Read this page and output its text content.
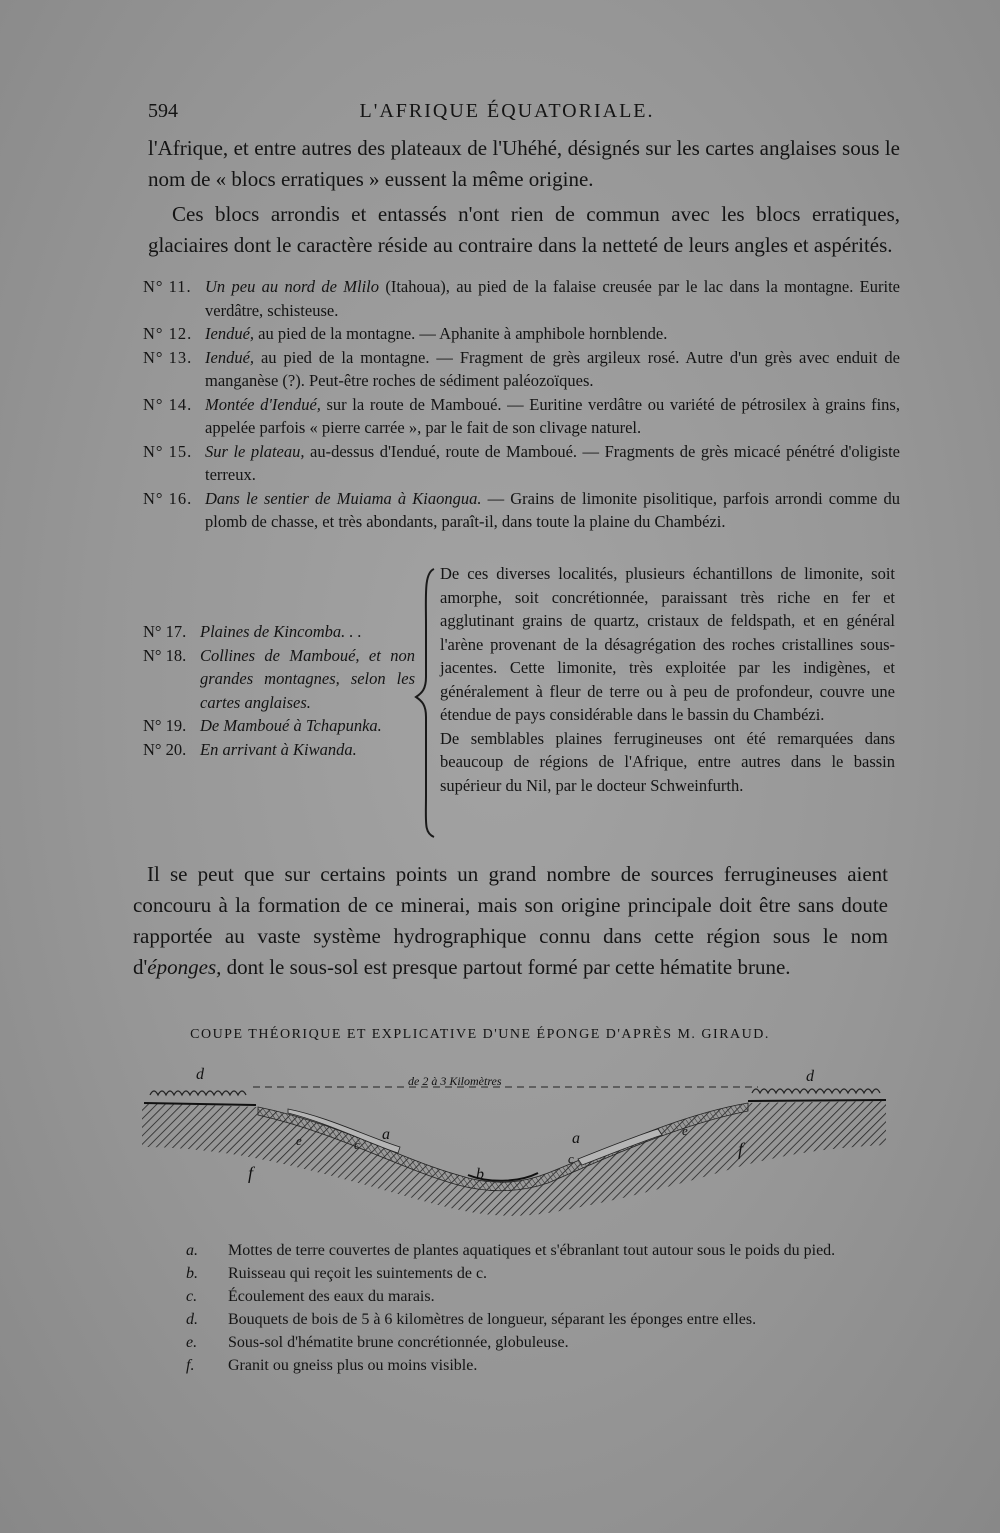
594	L'AFRIQUE ÉQUATORIALE.
l'Afrique, et entre autres des plateaux de l'Uhéhé, désignés sur les cartes anglaises sous le nom de « blocs erratiques » eussent la même origine.
Ces blocs arrondis et entassés n'ont rien de commun avec les blocs erratiques, glaciaires dont le caractère réside au contraire dans la netteté de leurs angles et aspérités.

N° 11. Un peu au nord de Mlilo (Itahoua), au pied de la falaise creusée par le lac dans la montagne. Eurite verdâtre, schisteuse.

N° 12. Iendué, au pied de la montagne. — Aphanite à amphibole hornblende.

N° 13. Iendué, au pied de la montagne. — Fragment de grès argileux rosé. Autre d'un grès avec enduit de manganèse (?). Peut-être roches de sédiment paléozoïques.

N° 14. Montée d'Iendué, sur la route de Mamboué. — Euritine verdâtre ou variété de pétrosilex à grains fins, appelée parfois « pierre carrée », par le fait de son clivage naturel.

N° 15. Sur le plateau, au-dessus d'Iendué, route de Mamboué. — Fragments de grès micacé pénétré d'oligiste terreux.

N° 16. Dans le sentier de Muiama à Kiaongua. — Grains de limonite pisolitique, parfois arrondi comme du plomb de chasse, et très abondants, paraît-il, dans toute la plaine du Chambézi.

N° 17. Plaines de Kincomba. . .

N° 18. Collines de Mamboué, et non grandes montagnes, selon les cartes anglaises.

N° 19. De Mamboué à Tchapunka.

N° 20. En arrivant à Kiwanda.

De ces diverses localités, plusieurs échantillons de limonite, soit amorphe, soit concrétionnée, paraissant très riche en fer et agglutinant grains de quartz, cristaux de feldspath, et en général l'arène provenant de la désagrégation des roches cristallines sous-jacentes. Cette limonite, très exploitée par les indigènes, et généralement à fleur de terre ou à peu de profondeur, couvre une étendue de pays considérable dans le bassin du Chambézi.

De semblables plaines ferrugineuses ont été remarquées dans beaucoup de régions de l'Afrique, entre autres dans le bassin supérieur du Nil, par le docteur Schweinfurth.

Il se peut que sur certains points un grand nombre de sources ferrugineuses aient concouru à la formation de ce minerai, mais son origine principale doit être sans doute rapportée au vaste système hydrographique connu dans cette région sous le nom d'éponges, dont le sous-sol est presque partout formé par cette hématite brune.
COUPE THÉORIQUE ET EXPLICATIVE D'UNE ÉPONGE D'APRÈS M. GIRAUD.
de 2 à 3 Kilomètres
d	d
a	a
c
c
e
e
b
f
f

a. Mottes de terre couvertes de plantes aquatiques et s'ébranlant tout autour sous le poids du pied.

b. Ruisseau qui reçoit les suintements de c.

c. Écoulement des eaux du marais.

d. Bouquets de bois de 5 à 6 kilomètres de longueur, séparant les éponges entre elles.

e. Sous-sol d'hématite brune concrétionnée, globuleuse.

f. Granit ou gneiss plus ou moins visible.
